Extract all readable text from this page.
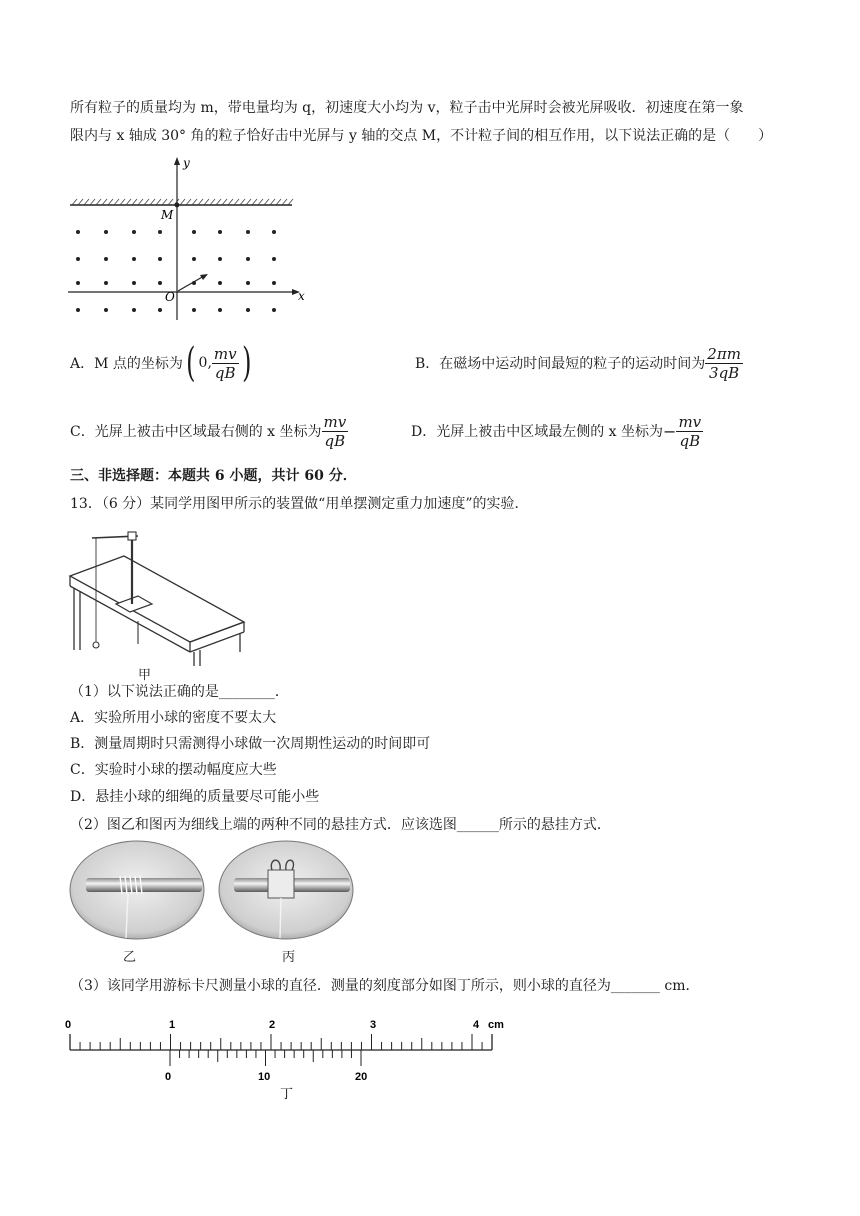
所有粒子的质量均为 m，带电量均为 q，初速度大小均为 v，粒子击中光屏时会被光屏吸收．初速度在第一象
限内与 x 轴成 30° 角的粒子恰好击中光屏与 y 轴的交点 M，不计粒子间的相互作用，以下说法正确的是（　　）
y
x
M
O
A． M 点的坐标为 ( 0, $\frac{mv}{qB}$ )	B． 在磁场中运动时间最短的粒子的运动时间为 $\frac{2\pi m}{3qB}$
C． 光屏上被击中区域最右侧的 x 坐标为 $\frac{mv}{qB}$	D． 光屏上被击中区域最左侧的 x 坐标为 − $\frac{mv}{qB}$
三、非选择题：本题共 6 小题，共计 60 分．
13．（6 分）某同学用图甲所示的装置做“用单摆测定重力加速度”的实验．
甲
（1）以下说法正确的是________．
A．实验所用小球的密度不要太大
B．测量周期时只需测得小球做一次周期性运动的时间即可
C．实验时小球的摆动幅度应大些
D．悬挂小球的细绳的质量要尽可能小些
（2）图乙和图丙为细线上端的两种不同的悬挂方式．应该选图______所示的悬挂方式．
乙	丙
（3）该同学用游标卡尺测量小球的直径．测量的刻度部分如图丁所示，则小球的直径为_______ cm．
0	1	2	3	4 cm
0	10	20
丁
